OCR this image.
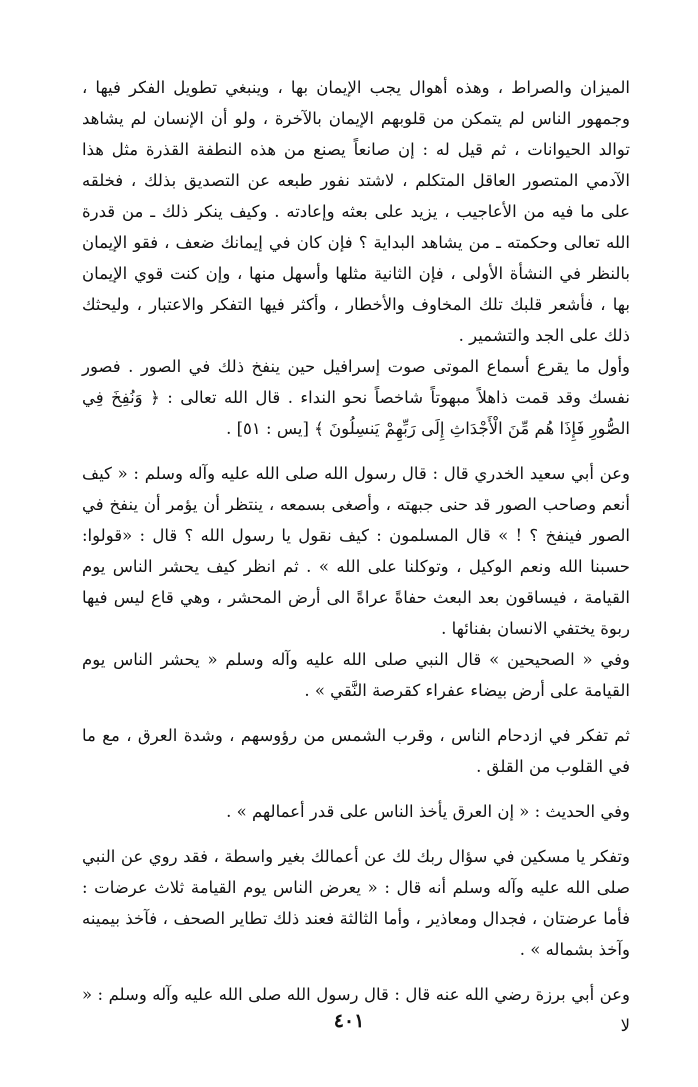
الميزان والصراط ، وهذه أهوال يجب الإيمان بها ، وينبغي تطويل الفكر فيها ، وجمهور الناس لم يتمكن من قلوبهم الإيمان بالآخرة ، ولو أن الإنسان لم يشاهد توالد الحيوانات ، ثم قيل له : إن صانعاً يصنع من هذه النطفة القذرة مثل هذا الآدمي المتصور العاقل المتكلم ، لاشتد نفور طبعه عن التصديق بذلك ، فخلقه على ما فيه من الأعاجيب ، يزيد على بعثه وإعادته . وكيف ينكر ذلك ـ من قدرة الله تعالى وحكمته ـ من يشاهد البداية ؟ فإن كان في إيمانك ضعف ، فقو الإيمان بالنظر في النشأة الأولى ، فإن الثانية مثلها وأسهل منها ، وإن كنت قوي الإيمان بها ، فأشعر قلبك تلك المخاوف والأخطار ، وأكثر فيها التفكر والاعتبار ، وليحثك ذلك على الجد والتشمير .

وأول ما يقرع أسماع الموتى صوت إسرافيل حين ينفخ ذلك في الصور . فصور نفسك وقد قمت ذاهلاً مبهوتاً شاخصاً نحو النداء . قال الله تعالى : ﴿ وَنُفِخَ فِي الصُّورِ فَإِذَا هُم مِّنَ الْأَجْدَاثِ إِلَى رَبِّهِمْ يَنسِلُونَ ﴾ [يس : ٥١] .

وعن أبي سعيد الخدري قال : قال رسول الله صلى الله عليه وآله وسلم : « كيف أنعم وصاحب الصور قد حنى جبهته ، وأصغى بسمعه ، ينتظر أن يؤمر أن ينفخ في الصور فينفخ ؟ ! » قال المسلمون : كيف نقول يا رسول الله ؟ قال : «قولوا: حسبنا الله ونعم الوكيل ، وتوكلنا على الله » . ثم انظر كيف يحشر الناس يوم القيامة ، فيساقون بعد البعث حفاةً عراةً الى أرض المحشر ، وهي قاع ليس فيها ربوة يختفي الانسان بفنائها .

وفي « الصحيحين » قال النبي صلى الله عليه وآله وسلم « يحشر الناس يوم القيامة على أرض بيضاء عفراء كقرصة النَّقي » .

ثم تفكر في ازدحام الناس ، وقرب الشمس من رؤوسهم ، وشدة العرق ، مع ما في القلوب من القلق .

وفي الحديث : « إن العرق يأخذ الناس على قدر أعمالهم » .

وتفكر يا مسكين في سؤال ربك لك عن أعمالك بغير واسطة ، فقد روي عن النبي صلى الله عليه وآله وسلم أنه قال : « يعرض الناس يوم القيامة ثلاث عرضات : فأما عرضتان ، فجدال ومعاذير ، وأما الثالثة فعند ذلك تطاير الصحف ، فآخذ بيمينه وآخذ بشماله » .

وعن أبي برزة رضي الله عنه قال : قال رسول الله صلى الله عليه وآله وسلم : « لا

٤٠١
